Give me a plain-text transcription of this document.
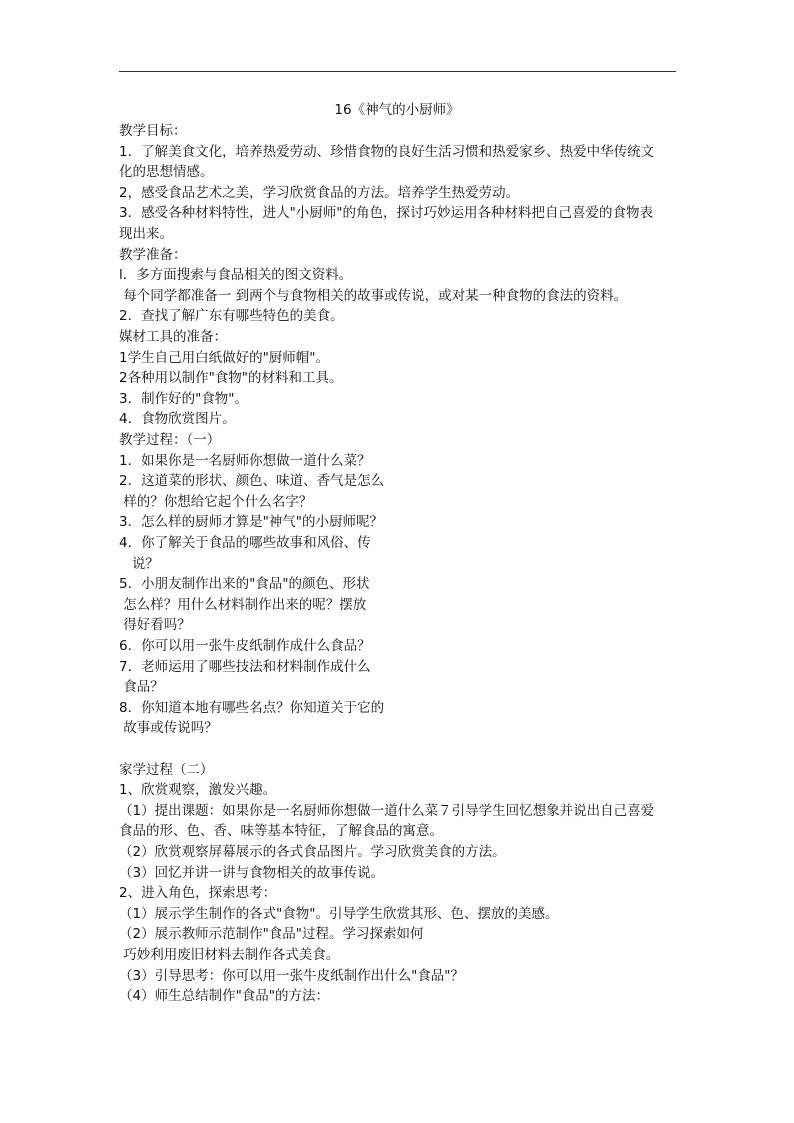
16《神气的小厨师》
教学目标：
1．了解美食文化，培养热爱劳动、珍惜食物的良好生活习惯和热爱家乡、热爱中华传统文
化的思想情感。
2，感受食品艺术之美，学习欣赏食品的方法。培养学生热爱劳动。
3．感受各种材料特性，进人"小厨师"的角色，探讨巧妙运用各种材料把自己喜爱的食物表
现出来。
教学准备：
l．多方面搜索与食品相关的图文资料。
每个同学都准备一 到两个与食物相关的故事或传说，或对某一种食物的食法的资料。
2．查找了解广东有哪些特色的美食。
媒材工具的准备：
1学生自己用白纸做好的"厨师帽"。
2各种用以制作"食物"的材料和工具。
3．制作好的"食物"。
4．食物欣赏图片。
教学过程：（一）
1．如果你是一名厨师你想做一道什么菜？
2．这道菜的形状、颜色、味道、香气是怎么
样的？你想给它起个什么名字？
3．怎么样的厨师才算是"神气"的小厨师呢？
4．你了解关于食品的哪些故事和风俗、传
说？
5．小朋友制作出来的"食品"的颜色、形状
怎么样？用什么材料制作出来的呢？摆放
得好看吗？
6．你可以用一张牛皮纸制作成什么食品？
7．老师运用了哪些技法和材料制作成什么
食品？
8．你知道本地有哪些名点？你知道关于它的
故事或传说吗？
家学过程（二）
1、欣赏观察，激发兴趣。
（1）提出课题：如果你是一名厨师你想做一道什么菜７引导学生回忆想象并说出自己喜爱
食品的形、色、香、味等基本特征，了解食品的寓意。
（2）欣赏观察屏幕展示的各式食品图片。学习欣赏美食的方法。
（3）回忆并讲一讲与食物相关的故事传说。
2、进入角色，探索思考：
（1）展示学生制作的各式"食物"。引导学生欣赏其形、色、摆放的美感。
（2）展示教师示范制作"食品"过程。学习探索如何
巧妙利用废旧材料去制作各式美食。
（3）引导思考：你可以用一张牛皮纸制作出什么"食品"？
（4）师生总结制作"食品"的方法：
